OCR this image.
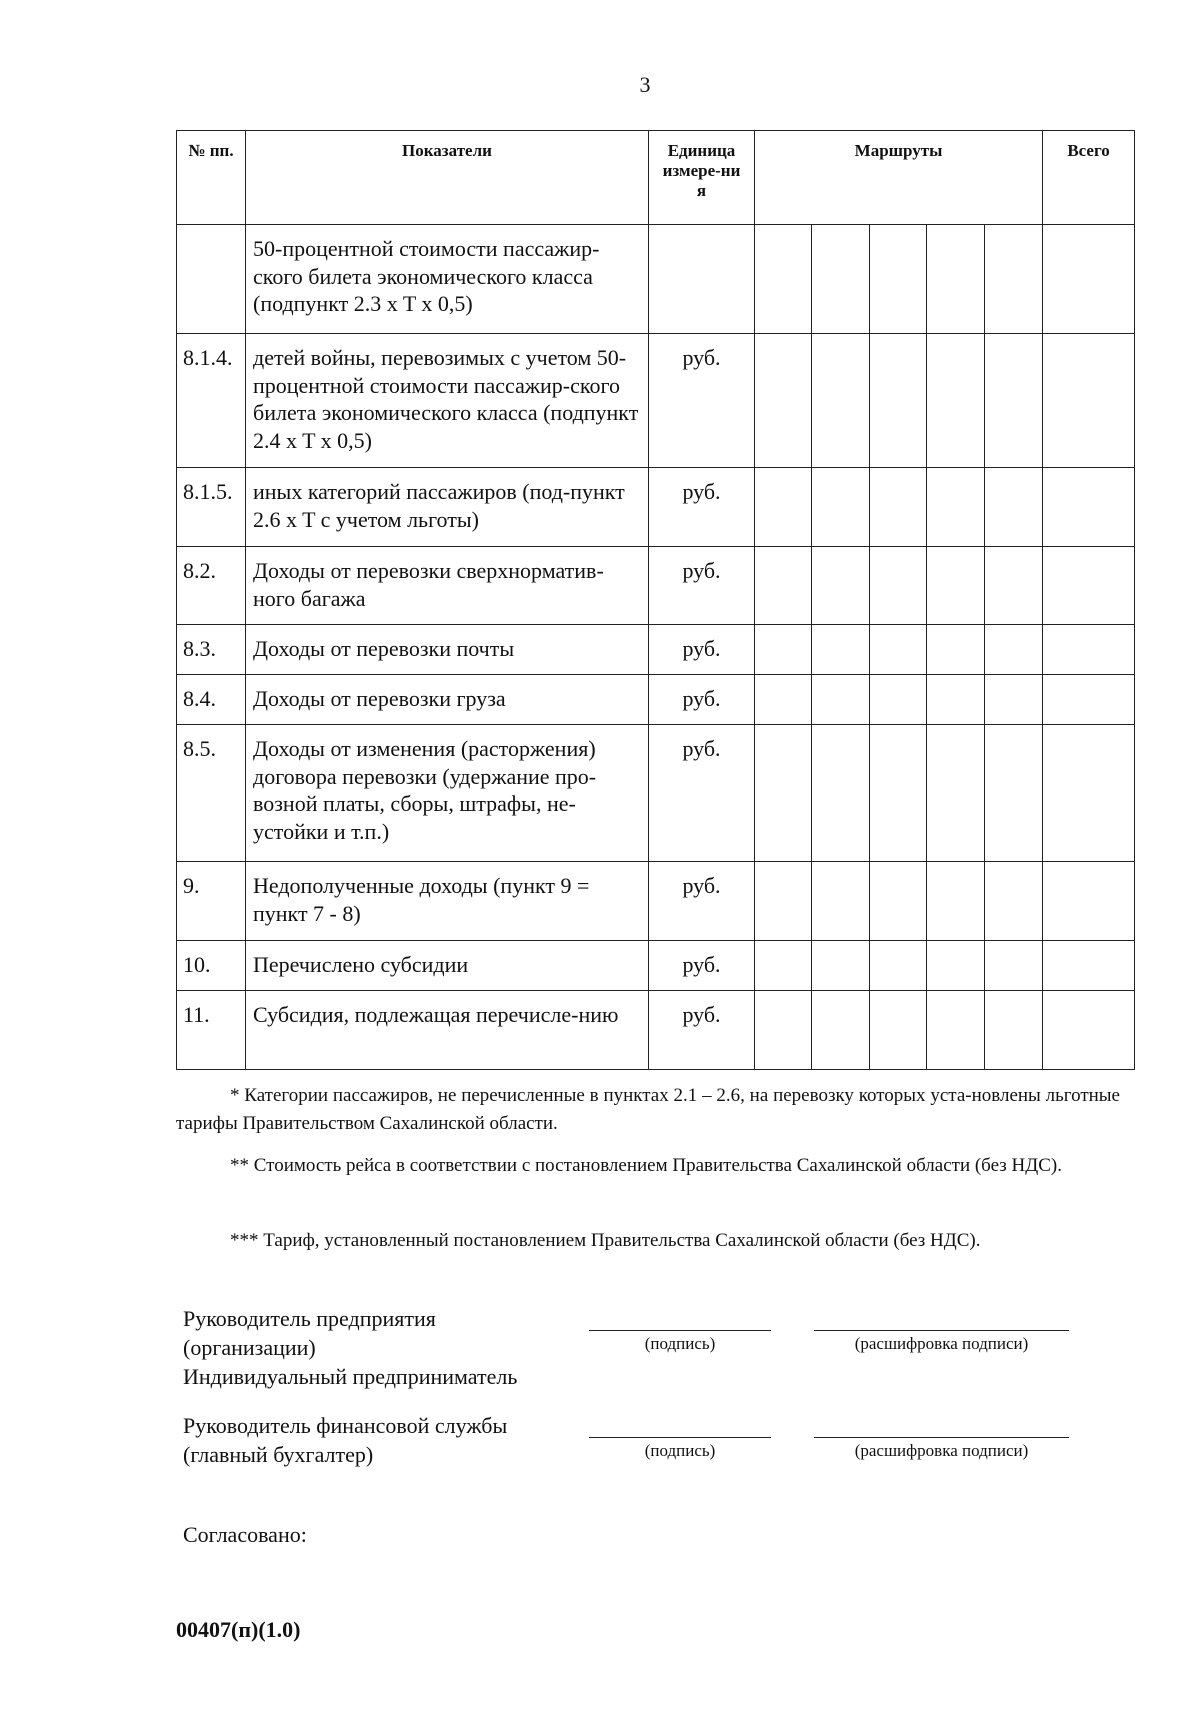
3
№ пп.	Показатели	Единица измере-ния	Маршруты					Всего
	50-процентной стоимости пассажир-ского билета экономического класса (подпункт 2.3 x T x 0,5)							
8.1.4.	детей войны, перевозимых с учетом 50-процентной стоимости пассажир-ского билета экономического класса (подпункт 2.4 x T x 0,5)	руб.						
8.1.5.	иных категорий пассажиров (под-пункт 2.6 x T с учетом льготы)	руб.						
8.2.	Доходы от перевозки сверхнорматив-ного багажа	руб.						
8.3.	Доходы от перевозки почты	руб.						
8.4.	Доходы от перевозки груза	руб.						
8.5.	Доходы от изменения (расторжения) договора перевозки (удержание про-возной платы, сборы, штрафы, не-устойки и т.п.)	руб.						
9.	Недополученные доходы (пункт 9 = пункт 7 - 8)	руб.						
10.	Перечислено субсидии	руб.						
11.	Субсидия, подлежащая перечисле-нию	руб.						
* Категории пассажиров, не перечисленные в пунктах 2.1 – 2.6, на перевозку которых уста-новлены льготные тарифы Правительством Сахалинской области.
** Стоимость рейса в соответствии с постановлением Правительства Сахалинской области (без НДС).
*** Тариф, установленный постановлением Правительства Сахалинской области (без НДС).
Руководитель предприятия
(организации)
Индивидуальный предприниматель
(подпись)	(расшифровка подписи)
Руководитель финансовой службы
(главный бухгалтер)	(подпись)	(расшифровка подписи)
Согласовано:
00407(п)(1.0)
